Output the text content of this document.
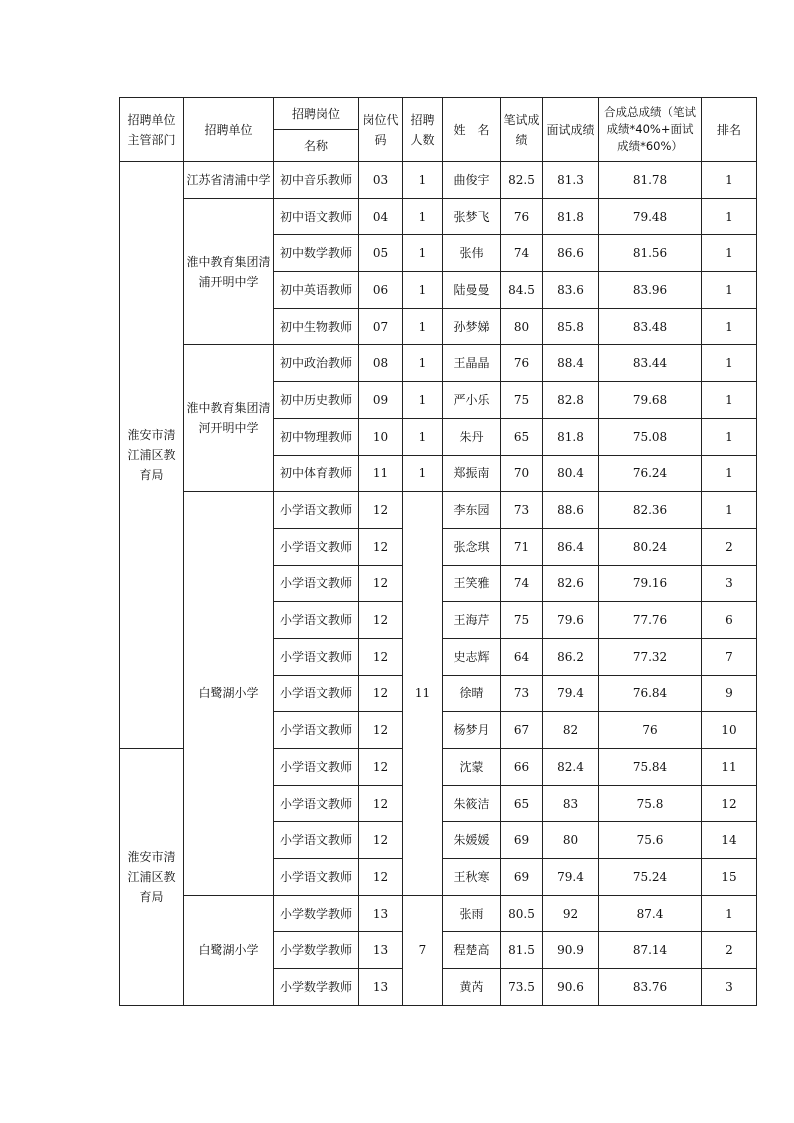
招聘单位主管部门	招聘单位	招聘岗位	岗位代码	招聘人数	姓　名	笔试成绩	面试成绩	合成总成绩（笔试成绩*40%+面试成绩*60%）	排名
		名称							
淮安市清江浦区教育局	江苏省清浦中学	初中音乐教师	03	1	曲俊宇	82.5	81.3	81.78	1
	淮中教育集团清浦开明中学	初中语文教师	04	1	张梦飞	76	81.8	79.48	1
		初中数学教师	05	1	张伟	74	86.6	81.56	1
		初中英语教师	06	1	陆曼曼	84.5	83.6	83.96	1
		初中生物教师	07	1	孙梦娣	80	85.8	83.48	1
	淮中教育集团清河开明中学	初中政治教师	08	1	王晶晶	76	88.4	83.44	1
		初中历史教师	09	1	严小乐	75	82.8	79.68	1
		初中物理教师	10	1	朱丹	65	81.8	75.08	1
		初中体育教师	11	1	郑振南	70	80.4	76.24	1
	白鹭湖小学	小学语文教师	12	11	李东园	73	88.6	82.36	1
		小学语文教师	12		张念琪	71	86.4	80.24	2
		小学语文教师	12		王笑雅	74	82.6	79.16	3
		小学语文教师	12		王海芹	75	79.6	77.76	6
		小学语文教师	12		史志辉	64	86.2	77.32	7
		小学语文教师	12		徐晴	73	79.4	76.84	9
		小学语文教师	12		杨梦月	67	82	76	10
淮安市清江浦区教育局		小学语文教师	12		沈蒙	66	82.4	75.84	11
		小学语文教师	12		朱筱洁	65	83	75.8	12
		小学语文教师	12		朱媛媛	69	80	75.6	14
		小学语文教师	12		王秋寒	69	79.4	75.24	15
	白鹭湖小学	小学数学教师	13	7	张雨	80.5	92	87.4	1
		小学数学教师	13		程楚高	81.5	90.9	87.14	2
		小学数学教师	13		黄芮	73.5	90.6	83.76	3
